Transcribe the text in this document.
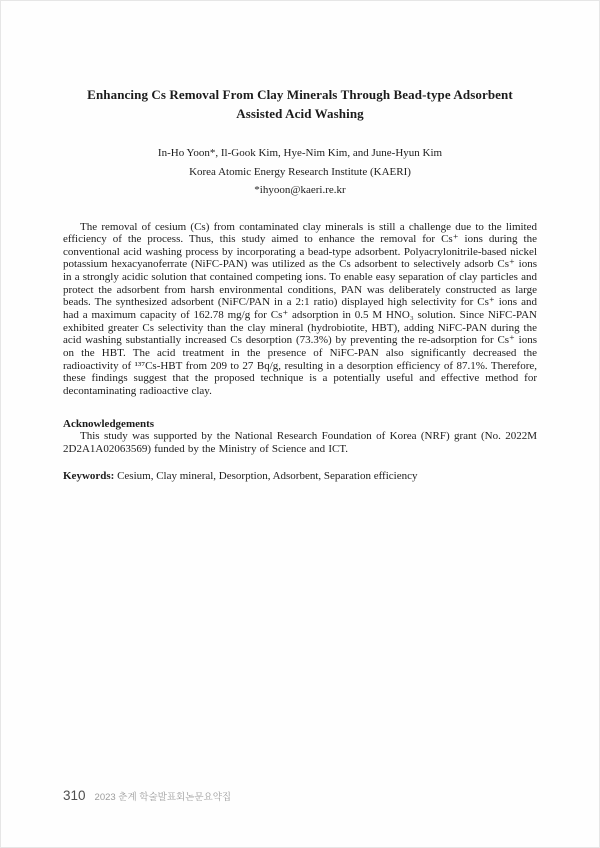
Enhancing Cs Removal From Clay Minerals Through Bead-type Adsorbent Assisted Acid Washing
In-Ho Yoon*, Il-Gook Kim, Hye-Nim Kim, and June-Hyun Kim
Korea Atomic Energy Research Institute (KAERI)
*ihyoon@kaeri.re.kr

The removal of cesium (Cs) from contaminated clay minerals is still a challenge due to the limited efficiency of the process. Thus, this study aimed to enhance the removal for Cs⁺ ions during the conventional acid washing process by incorporating a bead-type adsorbent. Polyacrylonitrile-based nickel potassium hexacyanoferrate (NiFC-PAN) was utilized as the Cs adsorbent to selectively adsorb Cs⁺ ions in a strongly acidic solution that contained competing ions. To enable easy separation of clay particles and protect the adsorbent from harsh environmental conditions, PAN was deliberately constructed as large beads. The synthesized adsorbent (NiFC/PAN in a 2:1 ratio) displayed high selectivity for Cs⁺ ions and had a maximum capacity of 162.78 mg/g for Cs⁺ adsorption in 0.5 M HNO₃ solution. Since NiFC-PAN exhibited greater Cs selectivity than the clay mineral (hydrobiotite, HBT), adding NiFC-PAN during the acid washing substantially increased Cs desorption (73.3%) by preventing the re-adsorption for Cs⁺ ions on the HBT. The acid treatment in the presence of NiFC-PAN also significantly decreased the radioactivity of ¹³⁷Cs-HBT from 209 to 27 Bq/g, resulting in a desorption efficiency of 87.1%. Therefore, these findings suggest that the proposed technique is a potentially useful and effective method for decontaminating radioactive clay.

Acknowledgements

This study was supported by the National Research Foundation of Korea (NRF) grant (No. 2022M 2D2A1A02063569) funded by the Ministry of Science and ICT.

Keywords: Cesium, Clay mineral, Desorption, Adsorbent, Separation efficiency

310 2023 춘계 학술발표회논문요약집
